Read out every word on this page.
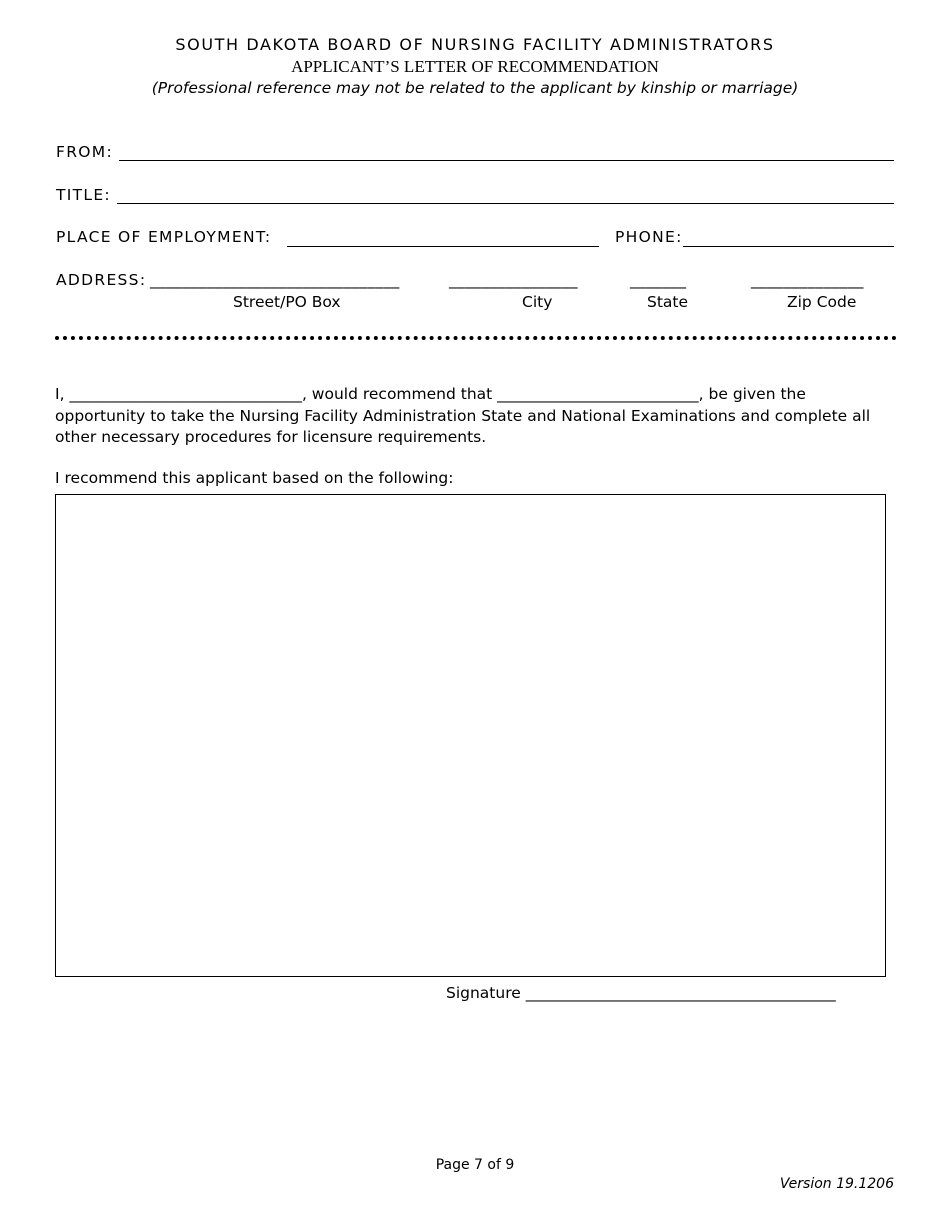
SOUTH DAKOTA BOARD OF NURSING FACILITY ADMINISTRATORS
APPLICANT’S LETTER OF RECOMMENDATION
(Professional reference may not be related to the applicant by kinship or marriage)
FROM:
TITLE:
PLACE OF EMPLOYMENT:	PHONE:
ADDRESS: _______________________________	________________	_______	______________
Street/PO Box	City	State	Zip Code
I, ______________________________, would recommend that __________________________, be given the opportunity to take the Nursing Facility Administration State and National Examinations and complete all other necessary procedures for licensure requirements.
I recommend this applicant based on the following:
Signature ________________________________________
Page 7 of 9
Version 19.1206
